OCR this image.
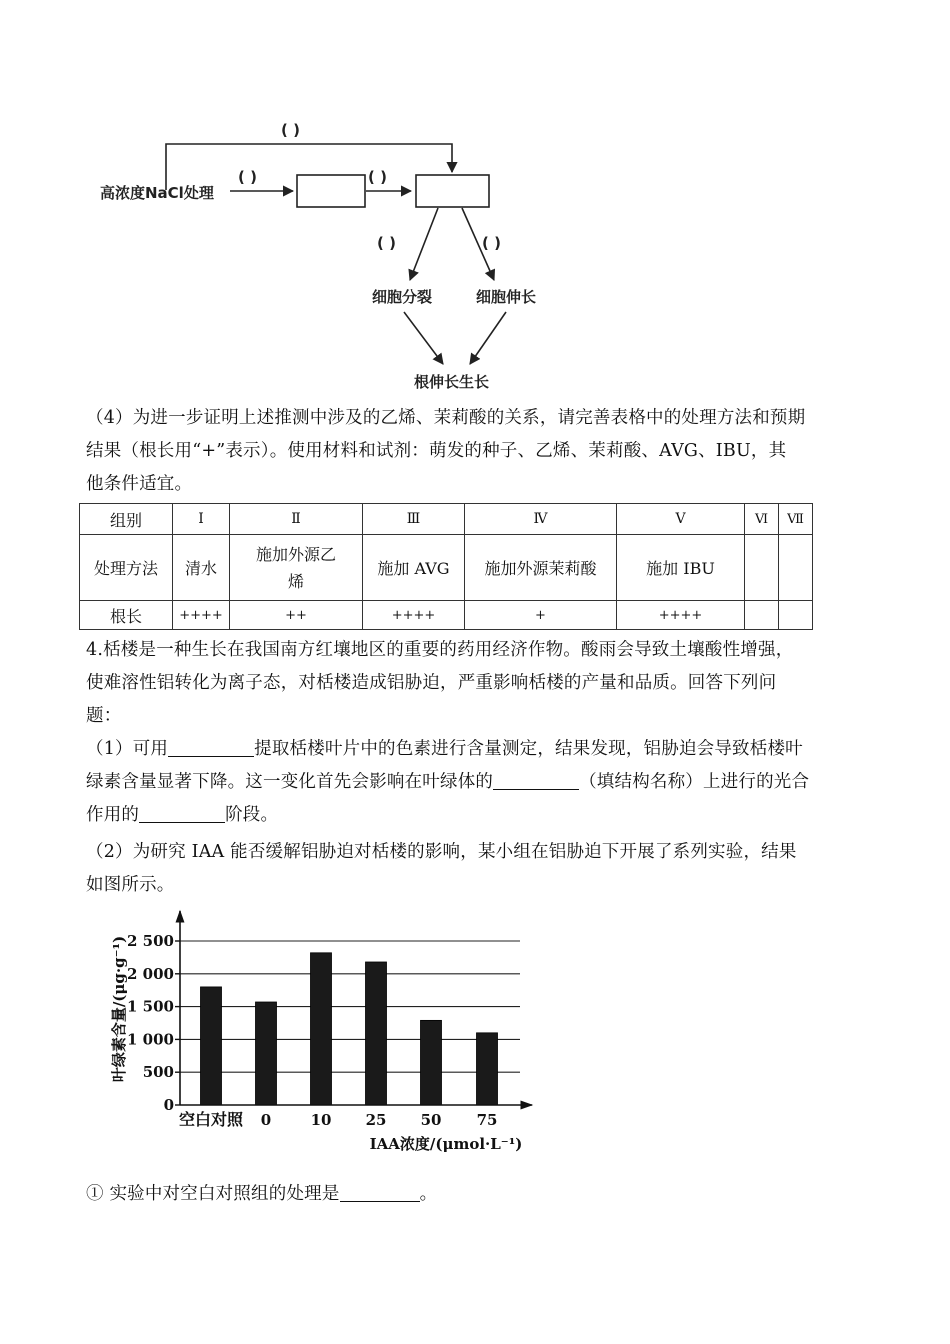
( )
( )	( )
( )	( )
高浓度NaCl处理
细胞分裂	细胞伸长
根伸长生长
（4）为进一步证明上述推测中涉及的乙烯、茉莉酸的关系，请完善表格中的处理方法和预期
结果（根长用“+”表示）。使用材料和试剂：萌发的种子、乙烯、茉莉酸、AVG、IBU，其
他条件适宜。
组别	Ⅰ	Ⅱ	Ⅲ	Ⅳ	Ⅴ	Ⅵ	Ⅶ
处理方法	清水	施加外源乙
烯	施加 AVG	施加外源茉莉酸	施加 IBU		
根长	++++	++	++++	+	++++		
4.栝楼是一种生长在我国南方红壤地区的重要的药用经济作物。酸雨会导致土壤酸性增强，
使难溶性铝转化为离子态，对栝楼造成铝胁迫，严重影响栝楼的产量和品质。回答下列问
题：
（1）可用	提取栝楼叶片中的色素进行含量测定，结果发现，铝胁迫会导致栝楼叶
绿素含量显著下降。这一变化首先会影响在叶绿体的	（填结构名称）上进行的光合
作用的	阶段。
（2）为研究 IAA 能否缓解铝胁迫对栝楼的影响，某小组在铝胁迫下开展了系列实验，结果
如图所示。
0
500
1 000
1 500
2 000
2 500
空白对照 0	10 25 50 75
叶绿素含量/(μg·g⁻¹)
IAA浓度/(μmol·L⁻¹)
① 实验中对空白对照组的处理是	。
